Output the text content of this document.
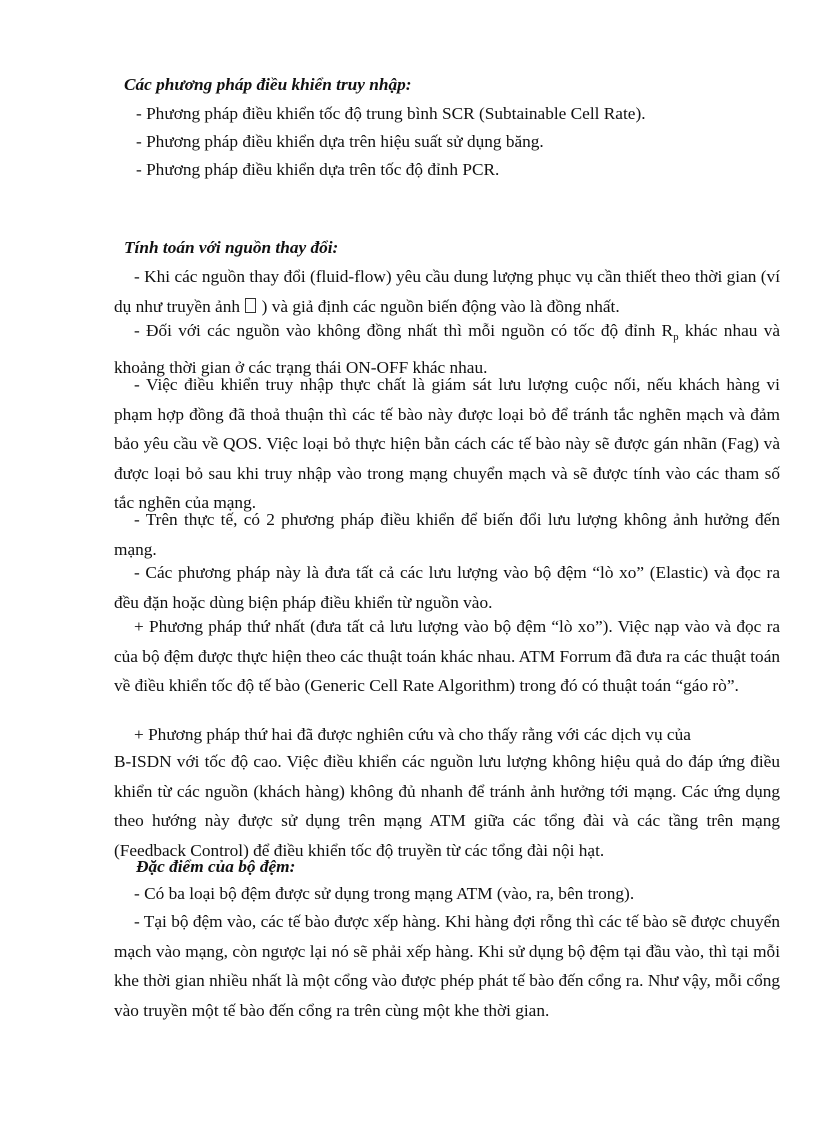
Các phương pháp điều khiển truy nhập:

- Phương pháp điều khiển tốc độ trung bình SCR (Subtainable Cell Rate).

- Phương pháp điều khiển dựa trên hiệu suất sử dụng băng.

- Phương pháp điều khiển dựa trên tốc độ đỉnh PCR.

Tính toán với nguồn thay đổi:

- Khi các nguồn thay đổi (fluid-flow) yêu cầu dung lượng phục vụ cần thiết theo thời gian (ví dụ như truyền ảnh ) và giả định các nguồn biến động vào là đồng nhất.

- Đối với các nguồn vào không đồng nhất thì mỗi nguồn có tốc độ đỉnh $R_p$ khác nhau và khoảng thời gian ở các trạng thái ON-OFF khác nhau.

- Việc điều khiển truy nhập thực chất là giám sát lưu lượng cuộc nối, nếu khách hàng vi phạm hợp đồng đã thoả thuận thì các tế bào này được loại bỏ để tránh tắc nghẽn mạch và đảm bảo yêu cầu về QOS. Việc loại bỏ thực hiện bằn cách các tế bào này sẽ được gán nhãn (Fag) và được loại bỏ sau khi truy nhập vào trong mạng chuyển mạch và sẽ được tính vào các tham số tắc nghẽn của mạng.

- Trên thực tế, có 2 phương pháp điều khiển để biến đổi lưu lượng không ảnh hưởng đến mạng.

- Các phương pháp này là đưa tất cả các lưu lượng vào bộ đệm “lò xo” (Elastic) và đọc ra đều đặn hoặc dùng biện pháp điều khiển từ nguồn vào.

+ Phương pháp thứ nhất (đưa tất cả lưu lượng vào bộ đệm “lò xo”). Việc nạp vào và đọc ra của bộ đệm được thực hiện theo các thuật toán khác nhau. ATM Forrum đã đưa ra các thuật toán về điều khiển tốc độ tế bào (Generic Cell Rate Algorithm) trong đó có thuật toán “gáo rò”.

+ Phương pháp thứ hai đã được nghiên cứu và cho thấy rằng với các dịch vụ của

B-ISDN với tốc độ cao. Việc điều khiển các nguồn lưu lượng không hiệu quả do đáp ứng điều khiển từ các nguồn (khách hàng) không đủ nhanh để tránh ảnh hưởng tới mạng. Các ứng dụng theo hướng này được sử dụng trên mạng ATM giữa các tổng đài và các tầng trên mạng (Feedback Control) để điều khiển tốc độ truyền từ các tổng đài nội hạt.

Đặc điểm của bộ đệm:

- Có ba loại bộ đệm được sử dụng trong mạng ATM (vào, ra, bên trong).

- Tại bộ đệm vào, các tế bào được xếp hàng. Khi hàng đợi rỗng thì các tế bào sẽ được chuyển mạch vào mạng, còn ngược lại nó sẽ phải xếp hàng. Khi sử dụng bộ đệm tại đầu vào, thì tại mỗi khe thời gian nhiều nhất là một cổng vào được phép phát tế bào đến cổng ra. Như vậy, mỗi cổng vào truyền một tế bào đến cổng ra trên cùng một khe thời gian.
